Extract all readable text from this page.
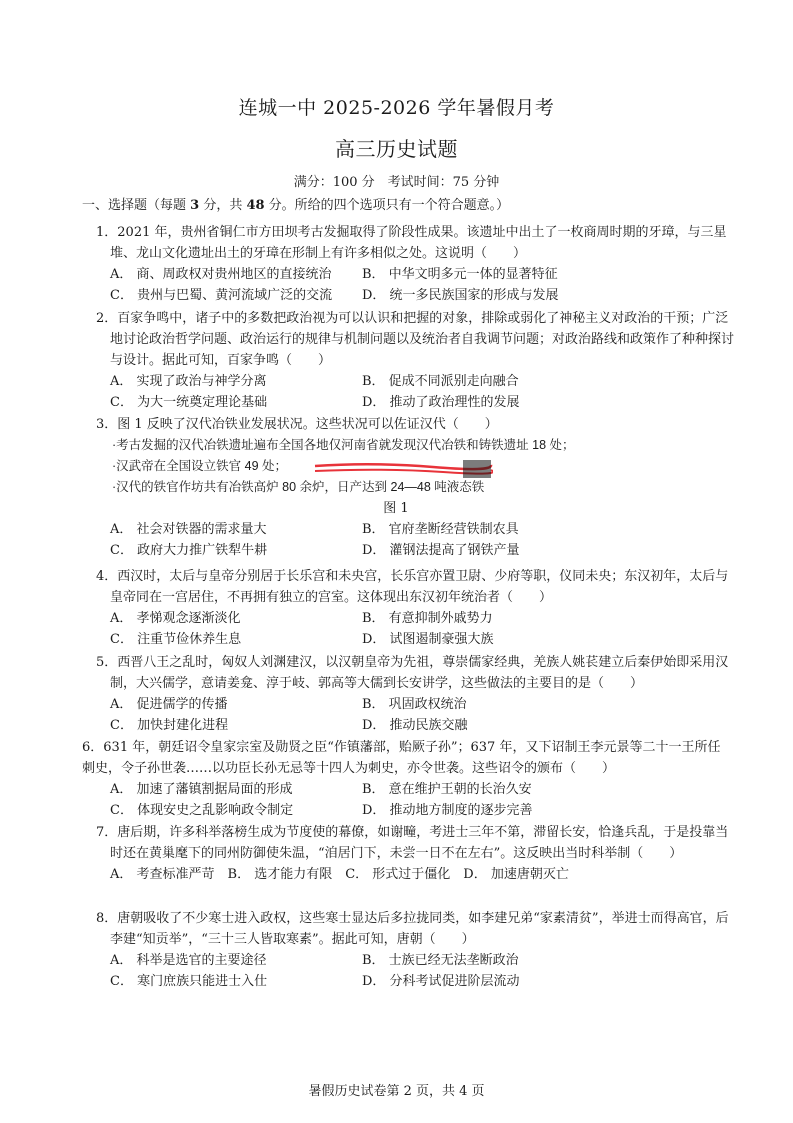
连城一中 2025-2026 学年暑假月考
高三历史试题
满分：100 分　考试时间：75 分钟
一、选择题（每题 3 分，共 48 分。所给的四个选项只有一个符合题意。）
1．2021 年，贵州省铜仁市方田坝考古发掘取得了阶段性成果。该遗址中出土了一枚商周时期的牙璋，与三星堆、龙山文化遗址出土的牙璋在形制上有许多相似之处。这说明（　　）
A． 商、周政权对贵州地区的直接统治	B． 中华文明多元一体的显著特征
C． 贵州与巴蜀、黄河流域广泛的交流	D． 统一多民族国家的形成与发展
2．百家争鸣中，诸子中的多数把政治视为可以认识和把握的对象，排除或弱化了神秘主义对政治的干预；广泛地讨论政治哲学问题、政治运行的规律与机制问题以及统治者自我调节问题；对政治路线和政策作了种种探讨与设计。据此可知，百家争鸣（　　）
A． 实现了政治与神学分离	B． 促成不同派别走向融合
C． 为大一统奠定理论基础	D． 推动了政治理性的发展
3．图 1 反映了汉代冶铁业发展状况。这些状况可以佐证汉代（　　）
·考古发掘的汉代冶铁遗址遍布全国各地仅河南省就发现汉代冶铁和铸铁遗址 18 处；
·汉武帝在全国设立铁官 49 处；
·汉代的铁官作坊共有冶铁高炉 80 余炉，日产达到 24—48 吨液态铁
图 1
A． 社会对铁器的需求量大	B． 官府垄断经营铁制农具
C． 政府大力推广铁犁牛耕	D． 灌钢法提高了钢铁产量
4．西汉时，太后与皇帝分别居于长乐宫和未央宫，长乐宫亦置卫尉、少府等职，仪同未央；东汉初年，太后与皇帝同在一宫居住，不再拥有独立的宫室。这体现出东汉初年统治者（　　）
A． 孝悌观念逐渐淡化	B． 有意抑制外戚势力
C． 注重节俭休养生息	D． 试图遏制豪强大族
5．西晋八王之乱时，匈奴人刘渊建汉，以汉朝皇帝为先祖，尊崇儒家经典，羌族人姚苌建立后秦伊始即采用汉制，大兴儒学，意请姜龛、淳于岐、郭高等大儒到长安讲学，这些做法的主要目的是（　　）
A． 促进儒学的传播	B． 巩固政权统治
C． 加快封建化进程	D． 推动民族交融
6．631 年，朝廷诏令皇家宗室及勋贤之臣“作镇藩部，贻厥子孙”；637 年，又下诏制王李元景等二十一王所任刺史，令子孙世袭……以功臣长孙无忌等十四人为刺史，亦令世袭。这些诏令的颁布（　　）
A． 加速了藩镇割据局面的形成	B． 意在维护王朝的长治久安
C． 体现安史之乱影响政令制定	D． 推动地方制度的逐步完善
7．唐后期，许多科举落榜生成为节度使的幕僚，如谢疃，考进士三年不第，滞留长安，恰逢兵乱，于是投靠当时还在黄巢麾下的同州防御使朱温，“洎居门下，未尝一日不在左右”。这反映出当时科举制（　　）
A． 考查标准严苛　B． 选才能力有限　C． 形式过于僵化　D． 加速唐朝灭亡
8．唐朝吸收了不少寒士进入政权，这些寒士显达后多拉拢同类，如李建兄弟“家素清贫”，举进士而得高官，后李建“知贡举”，“三十三人皆取寒素”。据此可知，唐朝（　　）
A． 科举是选官的主要途径	B． 士族已经无法垄断政治
C． 寒门庶族只能进士入仕	D． 分科考试促进阶层流动
暑假历史试卷第 2 页，共 4 页
